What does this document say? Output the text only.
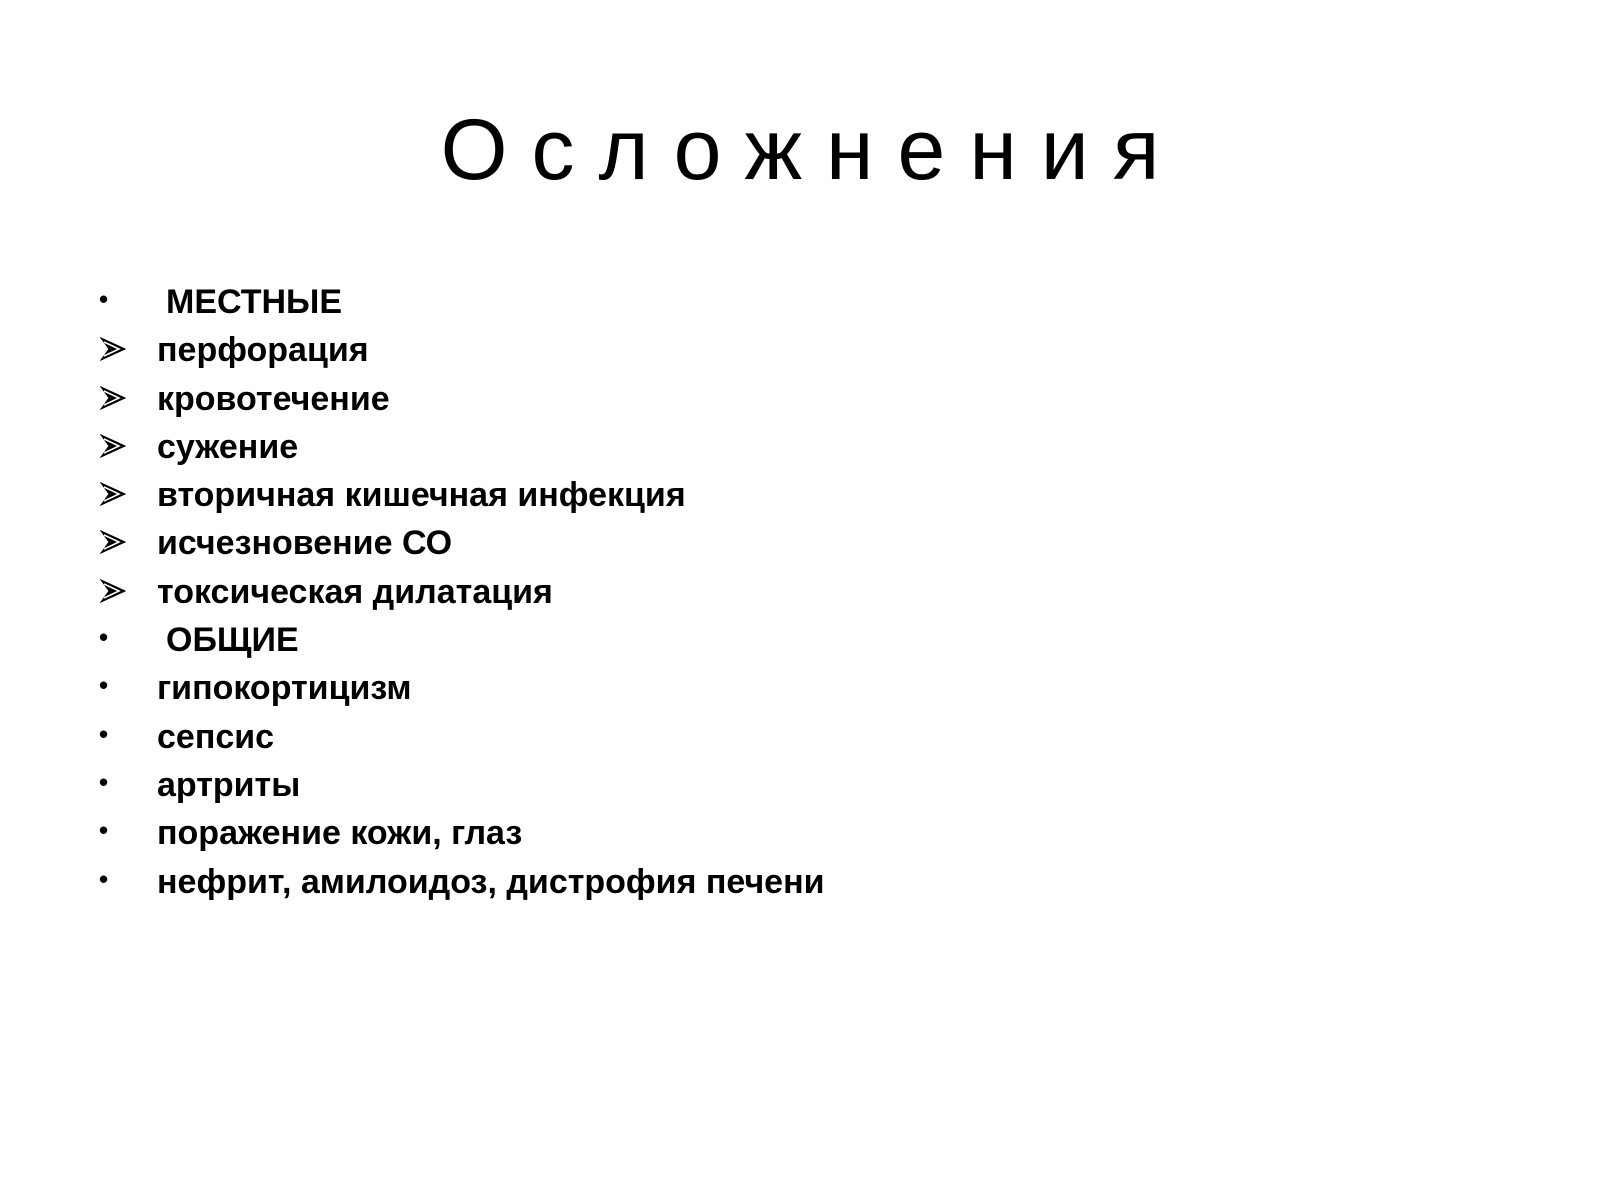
Осложнения
•	МЕСТНЫЕ
перфорация
кровотечение
сужение
вторичная кишечная инфекция
исчезновение СО
токсическая дилатация
•	ОБЩИЕ
•	гипокортицизм
•	сепсис
•	артриты
•	поражение кожи, глаз
•	нефрит, амилоидоз, дистрофия печени
